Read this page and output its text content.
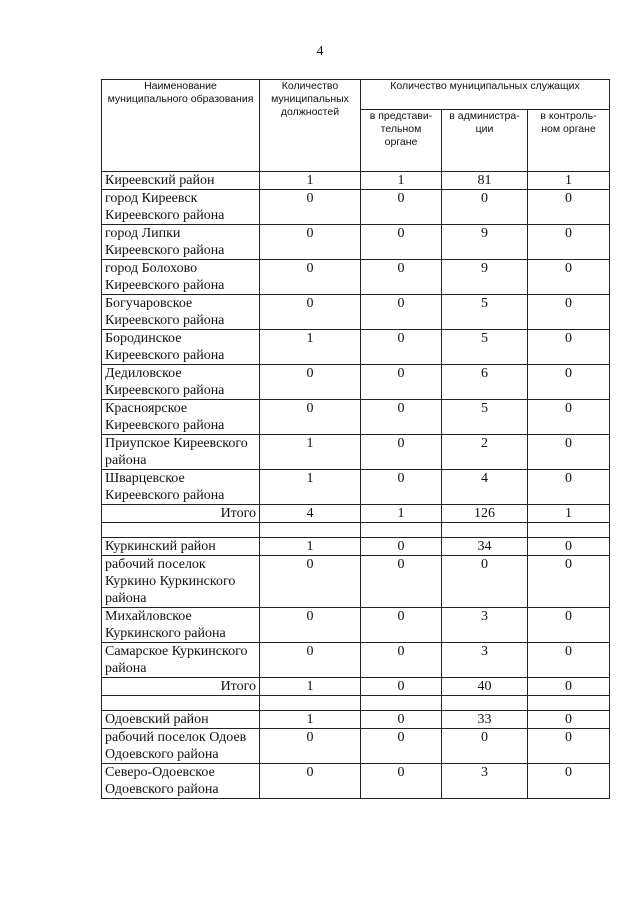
4
Наименование муниципального образования	Количество муниципальных должностей	Количество муниципальных служащих		
		в представи-тельном органе	в администра-ции	в контроль-ном органе
Киреевский район	1	1	81	1
город Киреевск Киреевского района	0	0	0	0
город Липки Киреевского района	0	0	9	0
город Болохово Киреевского района	0	0	9	0
Богучаровское Киреевского района	0	0	5	0
Бородинское Киреевского района	1	0	5	0
Дедиловское Киреевского района	0	0	6	0
Красноярское Киреевского района	0	0	5	0
Приупское Киреевского района	1	0	2	0
Шварцевское Киреевского района	1	0	4	0
Итого	4	1	126	1

Куркинский район	1	0	34	0
рабочий поселок Куркино Куркинского района	0	0	0	0
Михайловское Куркинского района	0	0	3	0
Самарское Куркинского района	0	0	3	0
Итого	1	0	40	0

Одоевский район	1	0	33	0
рабочий поселок Одоев Одоевского района	0	0	0	0
Северо-Одоевское Одоевского района	0	0	3	0
